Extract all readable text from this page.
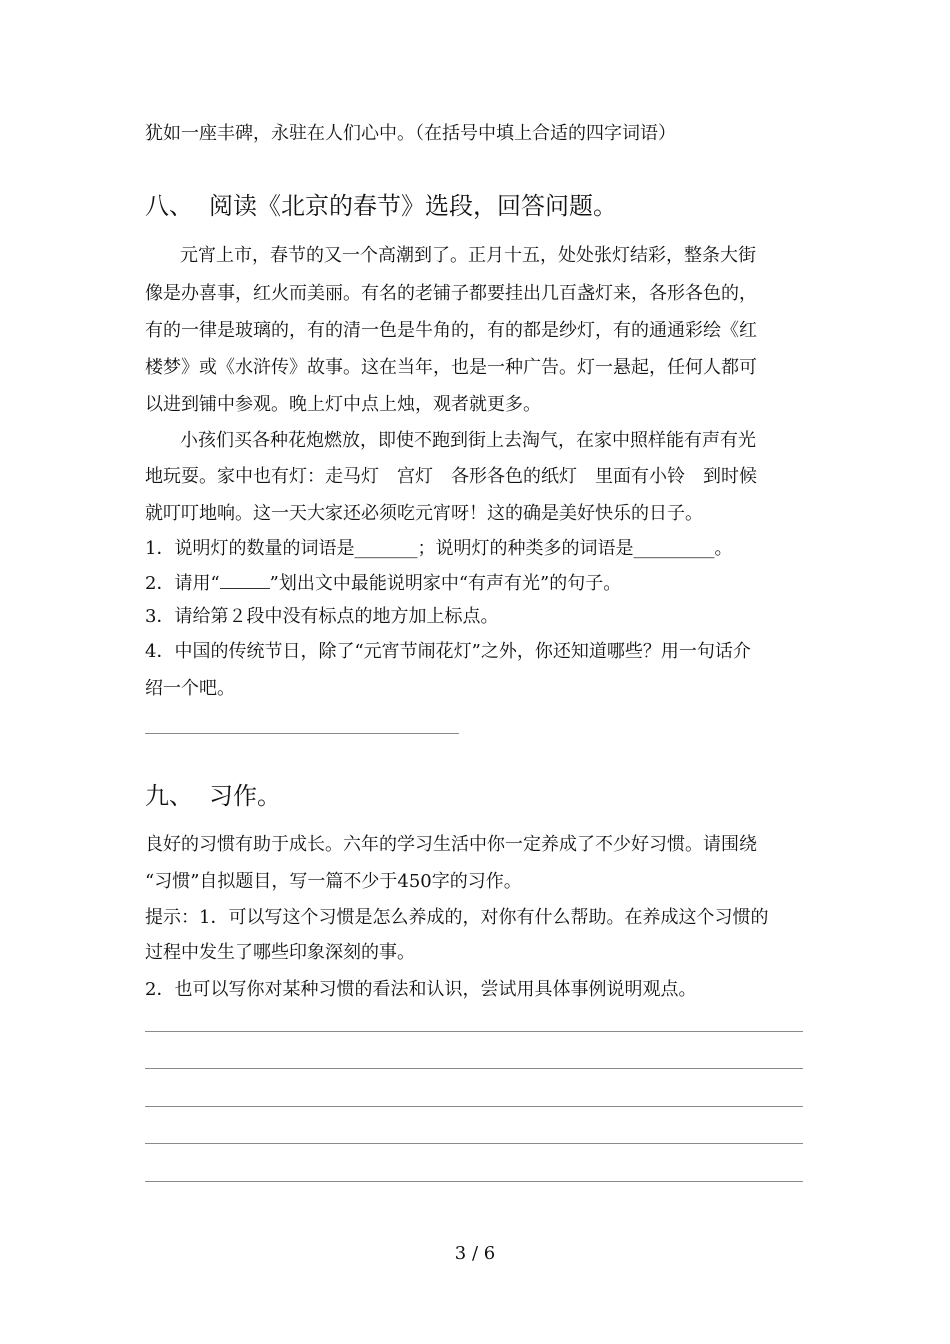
犹如一座丰碑，永驻在人们心中。（在括号中填上合适的四字词语）
八、 阅读《北京的春节》选段，回答问题。
元宵上市，春节的又一个高潮到了。正月十五，处处张灯结彩，整条大街
像是办喜事，红火而美丽。有名的老铺子都要挂出几百盏灯来，各形各色的，
有的一律是玻璃的，有的清一色是牛角的，有的都是纱灯，有的通通彩绘《红
楼梦》或《水浒传》故事。这在当年，也是一种广告。灯一悬起，任何人都可
以进到铺中参观。晚上灯中点上烛，观者就更多。
小孩们买各种花炮燃放，即使不跑到街上去淘气，在家中照样能有声有光
地玩耍。家中也有灯：走马灯　宫灯　各形各色的纸灯　里面有小铃　到时候
就叮叮地响。这一天大家还必须吃元宵呀！这的确是美好快乐的日子。
1．说明灯的数量的词语是_______；说明灯的种类多的词语是_________。
2．请用“	”划出文中最能说明家中“有声有光”的句子。
3．请给第２段中没有标点的地方加上标点。
4．中国的传统节日，除了“元宵节闹花灯”之外，你还知道哪些？用一句话介
绍一个吧。
九、 习作。
良好的习惯有助于成长。六年的学习生活中你一定养成了不少好习惯。请围绕
“习惯”自拟题目，写一篇不少于450字的习作。
提示：1．可以写这个习惯是怎么养成的，对你有什么帮助。在养成这个习惯的
过程中发生了哪些印象深刻的事。
2．也可以写你对某种习惯的看法和认识，尝试用具体事例说明观点。
3 / 6
